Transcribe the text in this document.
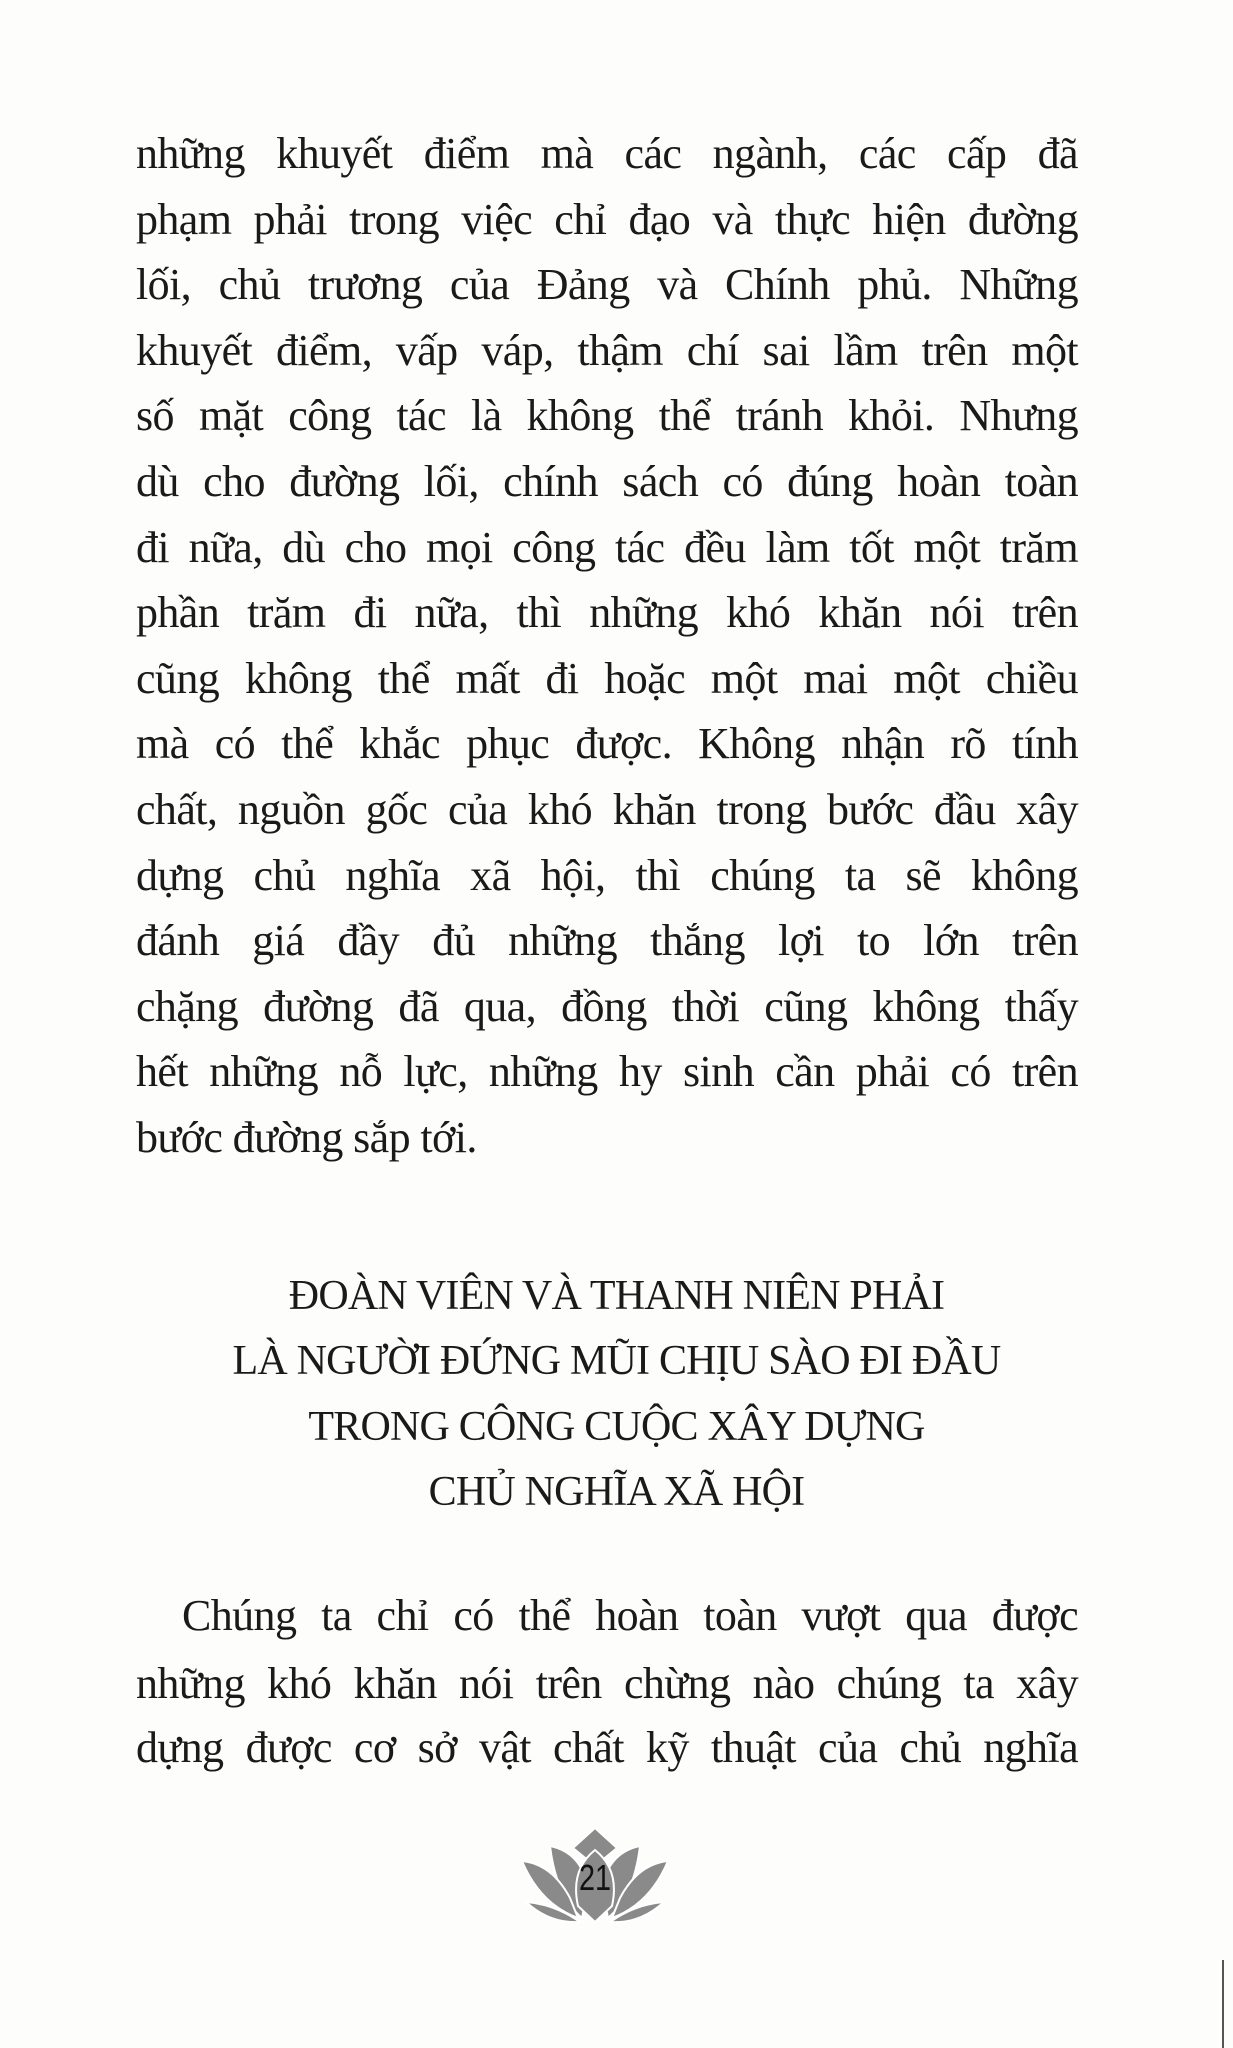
những khuyết điểm mà các ngành, các cấp đã
phạm phải trong việc chỉ đạo và thực hiện đường
lối, chủ trương của Đảng và Chính phủ. Những
khuyết điểm, vấp váp, thậm chí sai lầm trên một
số mặt công tác là không thể tránh khỏi. Nhưng
dù cho đường lối, chính sách có đúng hoàn toàn
đi nữa, dù cho mọi công tác đều làm tốt một trăm
phần trăm đi nữa, thì những khó khăn nói trên
cũng không thể mất đi hoặc một mai một chiều
mà có thể khắc phục được. Không nhận rõ tính
chất, nguồn gốc của khó khăn trong bước đầu xây
dựng chủ nghĩa xã hội, thì chúng ta sẽ không
đánh giá đầy đủ những thắng lợi to lớn trên
chặng đường đã qua, đồng thời cũng không thấy
hết những nỗ lực, những hy sinh cần phải có trên
bước đường sắp tới.
ĐOÀN VIÊN VÀ THANH NIÊN PHẢI
LÀ NGƯỜI ĐỨNG MŨI CHỊU SÀO ĐI ĐẦU
TRONG CÔNG CUỘC XÂY DỰNG
CHỦ NGHĨA XÃ HỘI
Chúng ta chỉ có thể hoàn toàn vượt qua được
những khó khăn nói trên chừng nào chúng ta xây
dựng được cơ sở vật chất kỹ thuật của chủ nghĩa
21
